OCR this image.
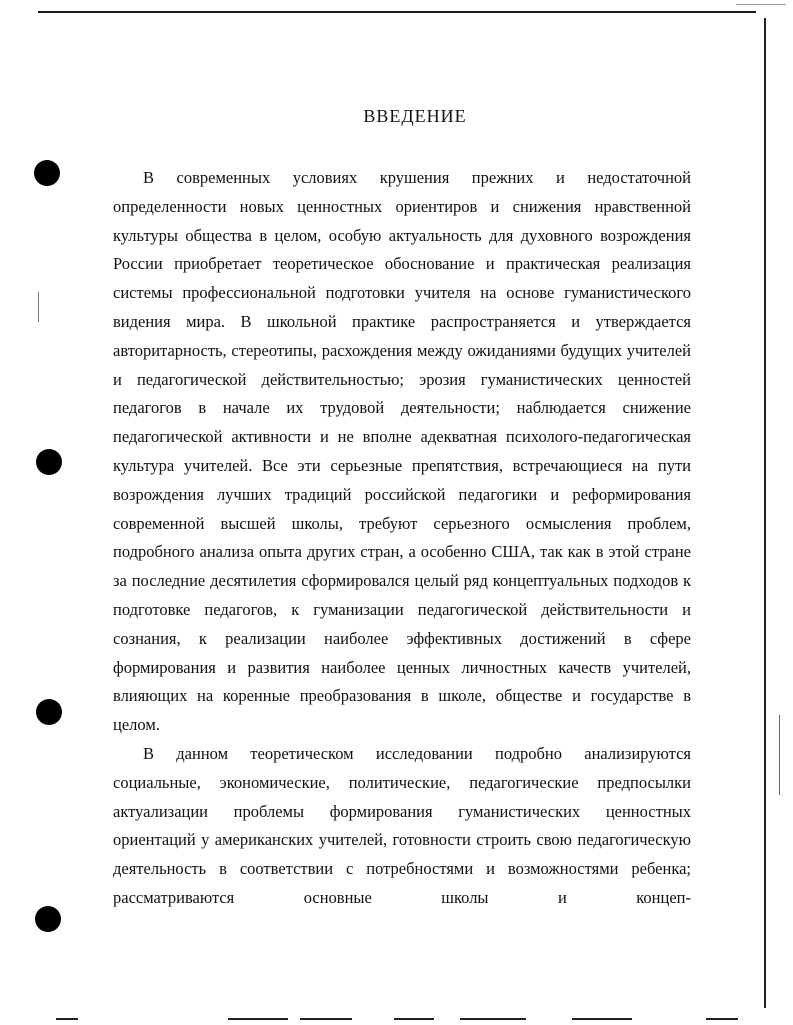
ВВЕДЕНИЕ

В современных условиях крушения прежних и недостаточной определенности новых ценностных ориентиров и снижения нравственной культуры общества в целом, особую актуальность для духовного возрождения России приобретает теоретическое обоснование и практическая реализация системы профессиональной подготовки учителя на основе гуманистического видения мира. В школьной практике распространяется и утверждается авторитарность, стереотипы, расхождения между ожиданиями будущих учителей и педагогической действительностью; эрозия гуманистических ценностей педагогов в начале их трудовой деятельности; наблюдается снижение педагогической активности и не вполне адекватная психолого-педагогическая культура учителей. Все эти серьезные препятствия, встречающиеся на пути возрождения лучших традиций российской педагогики и реформирования современной высшей школы, требуют серьезного осмысления проблем, подробного анализа опыта других стран, а особенно США, так как в этой стране за последние десятилетия сформировался целый ряд концептуальных подходов к подготовке педагогов, к гуманизации педагогической действительности и сознания, к реализации наиболее эффективных достижений в сфере формирования и развития наиболее ценных личностных качеств учителей, влияющих на коренные преобразования в школе, обществе и государстве в целом.

В данном теоретическом исследовании подробно анализируются социальные, экономические, политические, педагогические предпосылки актуализации проблемы формирования гуманистических ценностных ориентаций у американских учителей, готовности строить свою педагогическую деятельность в соответствии с потребностями и возможностями ребенка; рассматриваются основные школы и концеп-
